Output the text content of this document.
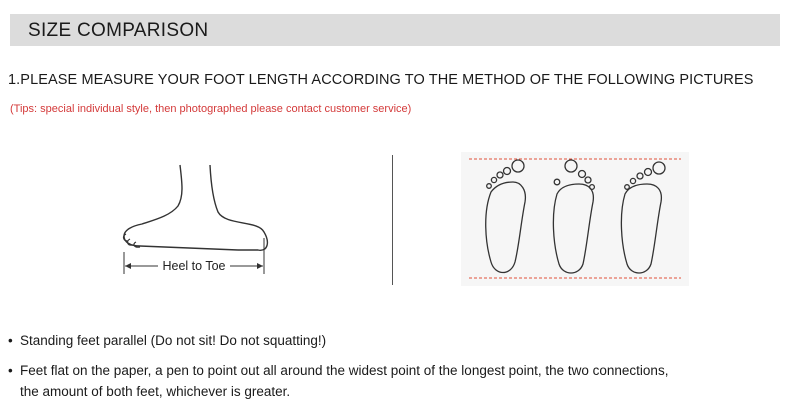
SIZE COMPARISON
1.PLEASE MEASURE YOUR FOOT LENGTH ACCORDING TO THE METHOD OF THE FOLLOWING PICTURES
(Tips: special individual style, then photographed please contact customer service)
Heel to Toe
• Standing feet parallel (Do not sit! Do not squatting!)
• Feet flat on the paper, a pen to point out all around the widest point of the longest point, the two connections,
the amount of both feet, whichever is greater.
